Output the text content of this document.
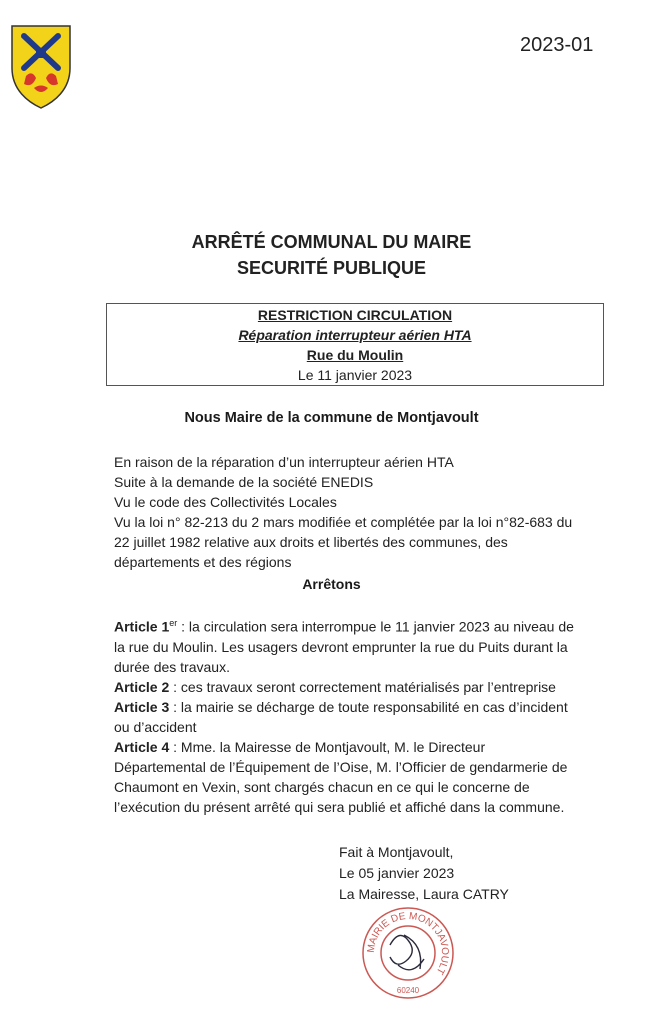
2023-01
ARRÊTÉ COMMUNAL DU MAIRE
SECURITÉ PUBLIQUE
RESTRICTION CIRCULATION
Réparation interrupteur aérien HTA
Rue du Moulin
Le 11 janvier 2023
Nous Maire de la commune de Montjavoult
En raison de la réparation d’un interrupteur aérien HTA
Suite à la demande de la société ENEDIS
Vu le code des Collectivités Locales
Vu la loi n° 82-213 du 2 mars modifiée et complétée par la loi n°82-683 du
22 juillet 1982 relative aux droits et libertés des communes, des
départements et des régions
Arrêtons
Article 1er : la circulation sera interrompue le 11 janvier 2023 au niveau de
la rue du Moulin. Les usagers devront emprunter la rue du Puits durant la
durée des travaux.
Article 2 : ces travaux seront correctement matérialisés par l’entreprise
Article 3 : la mairie se décharge de toute responsabilité en cas d’incident
ou d’accident
Article 4 : Mme. la Mairesse de Montjavoult, M. le Directeur
Départemental de l’Équipement de l’Oise, M. l’Officier de gendarmerie de
Chaumont en Vexin, sont chargés chacun en ce qui le concerne de
l’exécution du présent arrêté qui sera publié et affiché dans la commune.
Fait à Montjavoult,
Le 05 janvier 2023
La Mairesse, Laura CATRY
MAIRIE DE MONTJAVOULT
60240
